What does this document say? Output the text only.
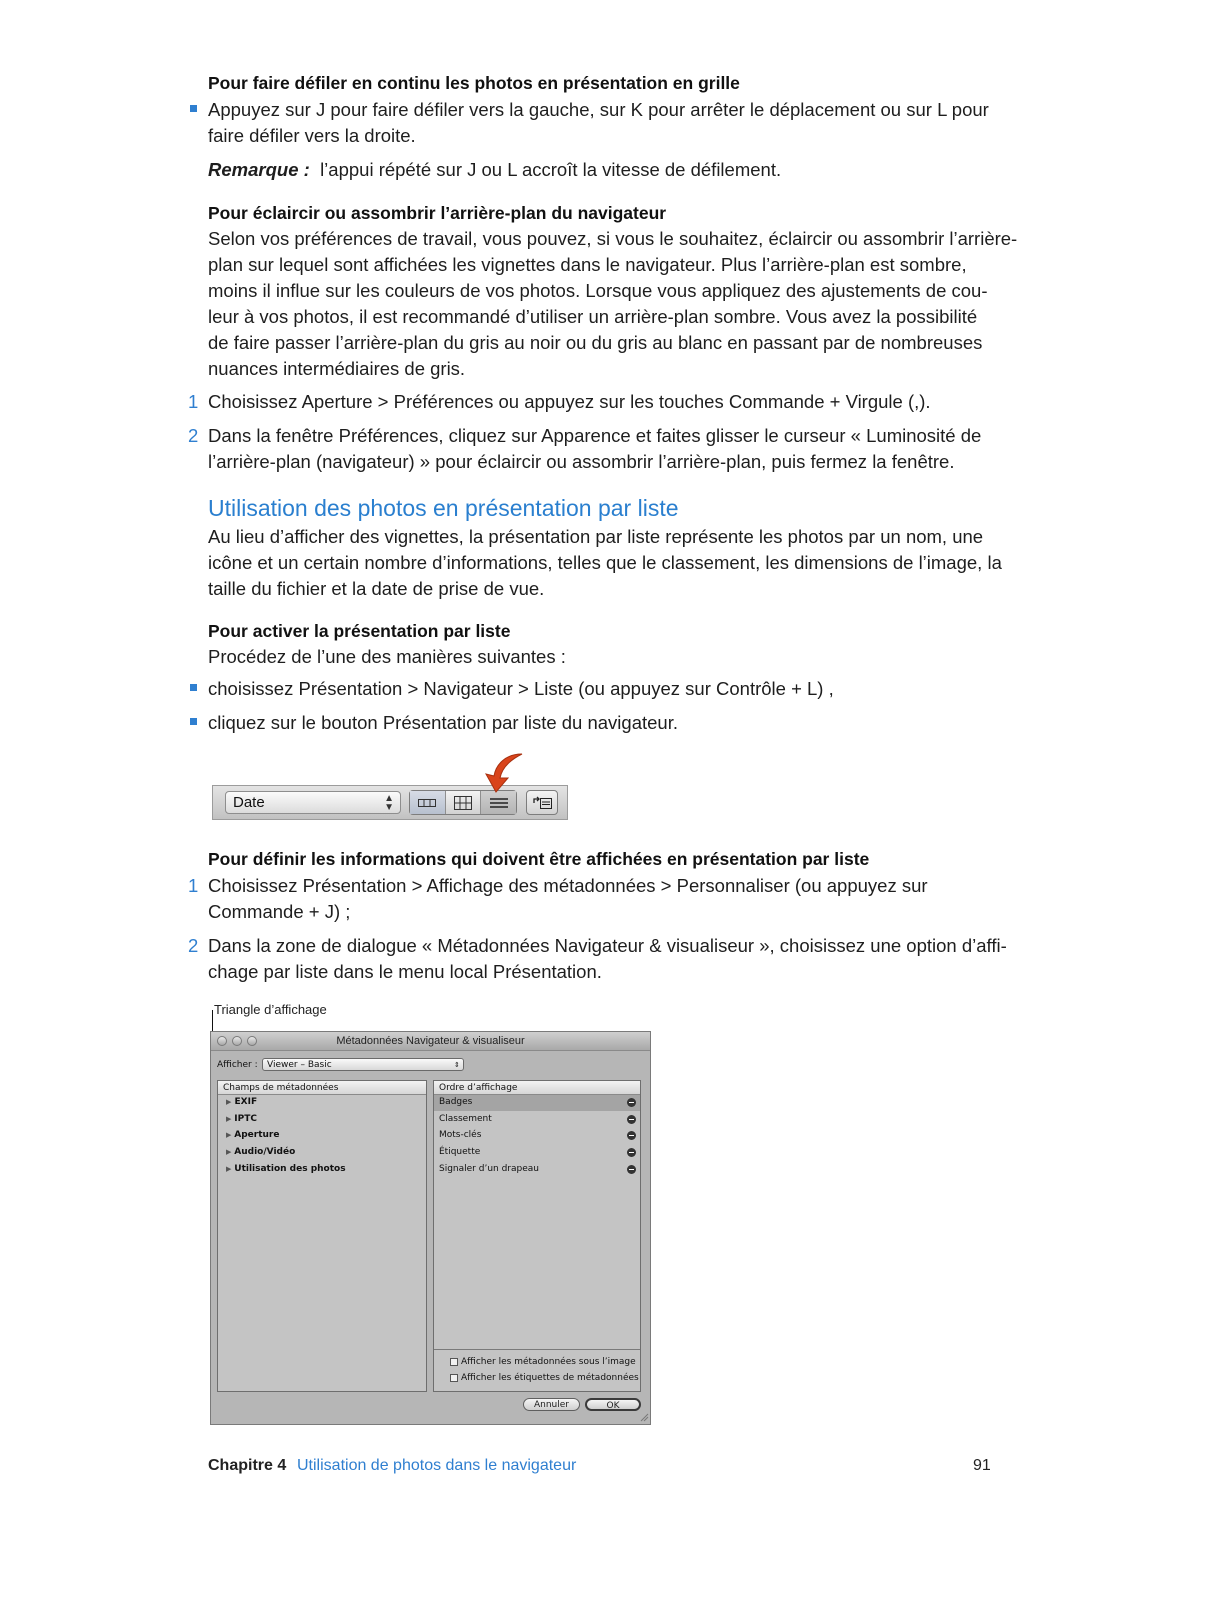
Pour faire défiler en continu les photos en présentation en grille
Appuyez sur J pour faire défiler vers la gauche, sur K pour arrêter le déplacement ou sur L pour
faire défiler vers la droite.
Remarque : l’appui répété sur J ou L accroît la vitesse de défilement.
Pour éclaircir ou assombrir l’arrière-plan du navigateur
Selon vos préférences de travail, vous pouvez, si vous le souhaitez, éclaircir ou assombrir l’arrière-
plan sur lequel sont affichées les vignettes dans le navigateur. Plus l’arrière-plan est sombre,
moins il influe sur les couleurs de vos photos. Lorsque vous appliquez des ajustements de cou-
leur à vos photos, il est recommandé d’utiliser un arrière-plan sombre. Vous avez la possibilité
de faire passer l’arrière-plan du gris au noir ou du gris au blanc en passant par de nombreuses
nuances intermédiaires de gris.
1 Choisissez Aperture > Préférences ou appuyez sur les touches Commande + Virgule (,).
2 Dans la fenêtre Préférences, cliquez sur Apparence et faites glisser le curseur « Luminosité de
l’arrière-plan (navigateur) » pour éclaircir ou assombrir l’arrière-plan, puis fermez la fenêtre.
Utilisation des photos en présentation par liste
Au lieu d’afficher des vignettes, la présentation par liste représente les photos par un nom, une
icône et un certain nombre d’informations, telles que le classement, les dimensions de l’image, la
taille du fichier et la date de prise de vue.
Pour activer la présentation par liste
Procédez de l’une des manières suivantes :
choisissez Présentation > Navigateur > Liste (ou appuyez sur Contrôle + L) ,
cliquez sur le bouton Présentation par liste du navigateur.
Date	▲
▼
Pour définir les informations qui doivent être affichées en présentation par liste
1 Choisissez Présentation > Affichage des métadonnées > Personnaliser (ou appuyez sur
Commande + J) ;
2 Dans la zone de dialogue « Métadonnées Navigateur & visualiseur », choisissez une option d’affi-
chage par liste dans le menu local Présentation.
Triangle d’affichage
Métadonnées Navigateur & visualiseur
Afficher : Viewer – Basic	⇕
Champs de métadonnées
▶ EXIF
▶ IPTC
▶ Aperture
▶ Audio/Vidéo
▶ Utilisation des photos
Ordre d’affichage
Badges
Classement
Mots-clés
Étiquette
Signaler d’un drapeau
Afficher les métadonnées sous l’image
Afficher les étiquettes de métadonnées
Annuler	OK
Chapitre 4 Utilisation de photos dans le navigateur	91
